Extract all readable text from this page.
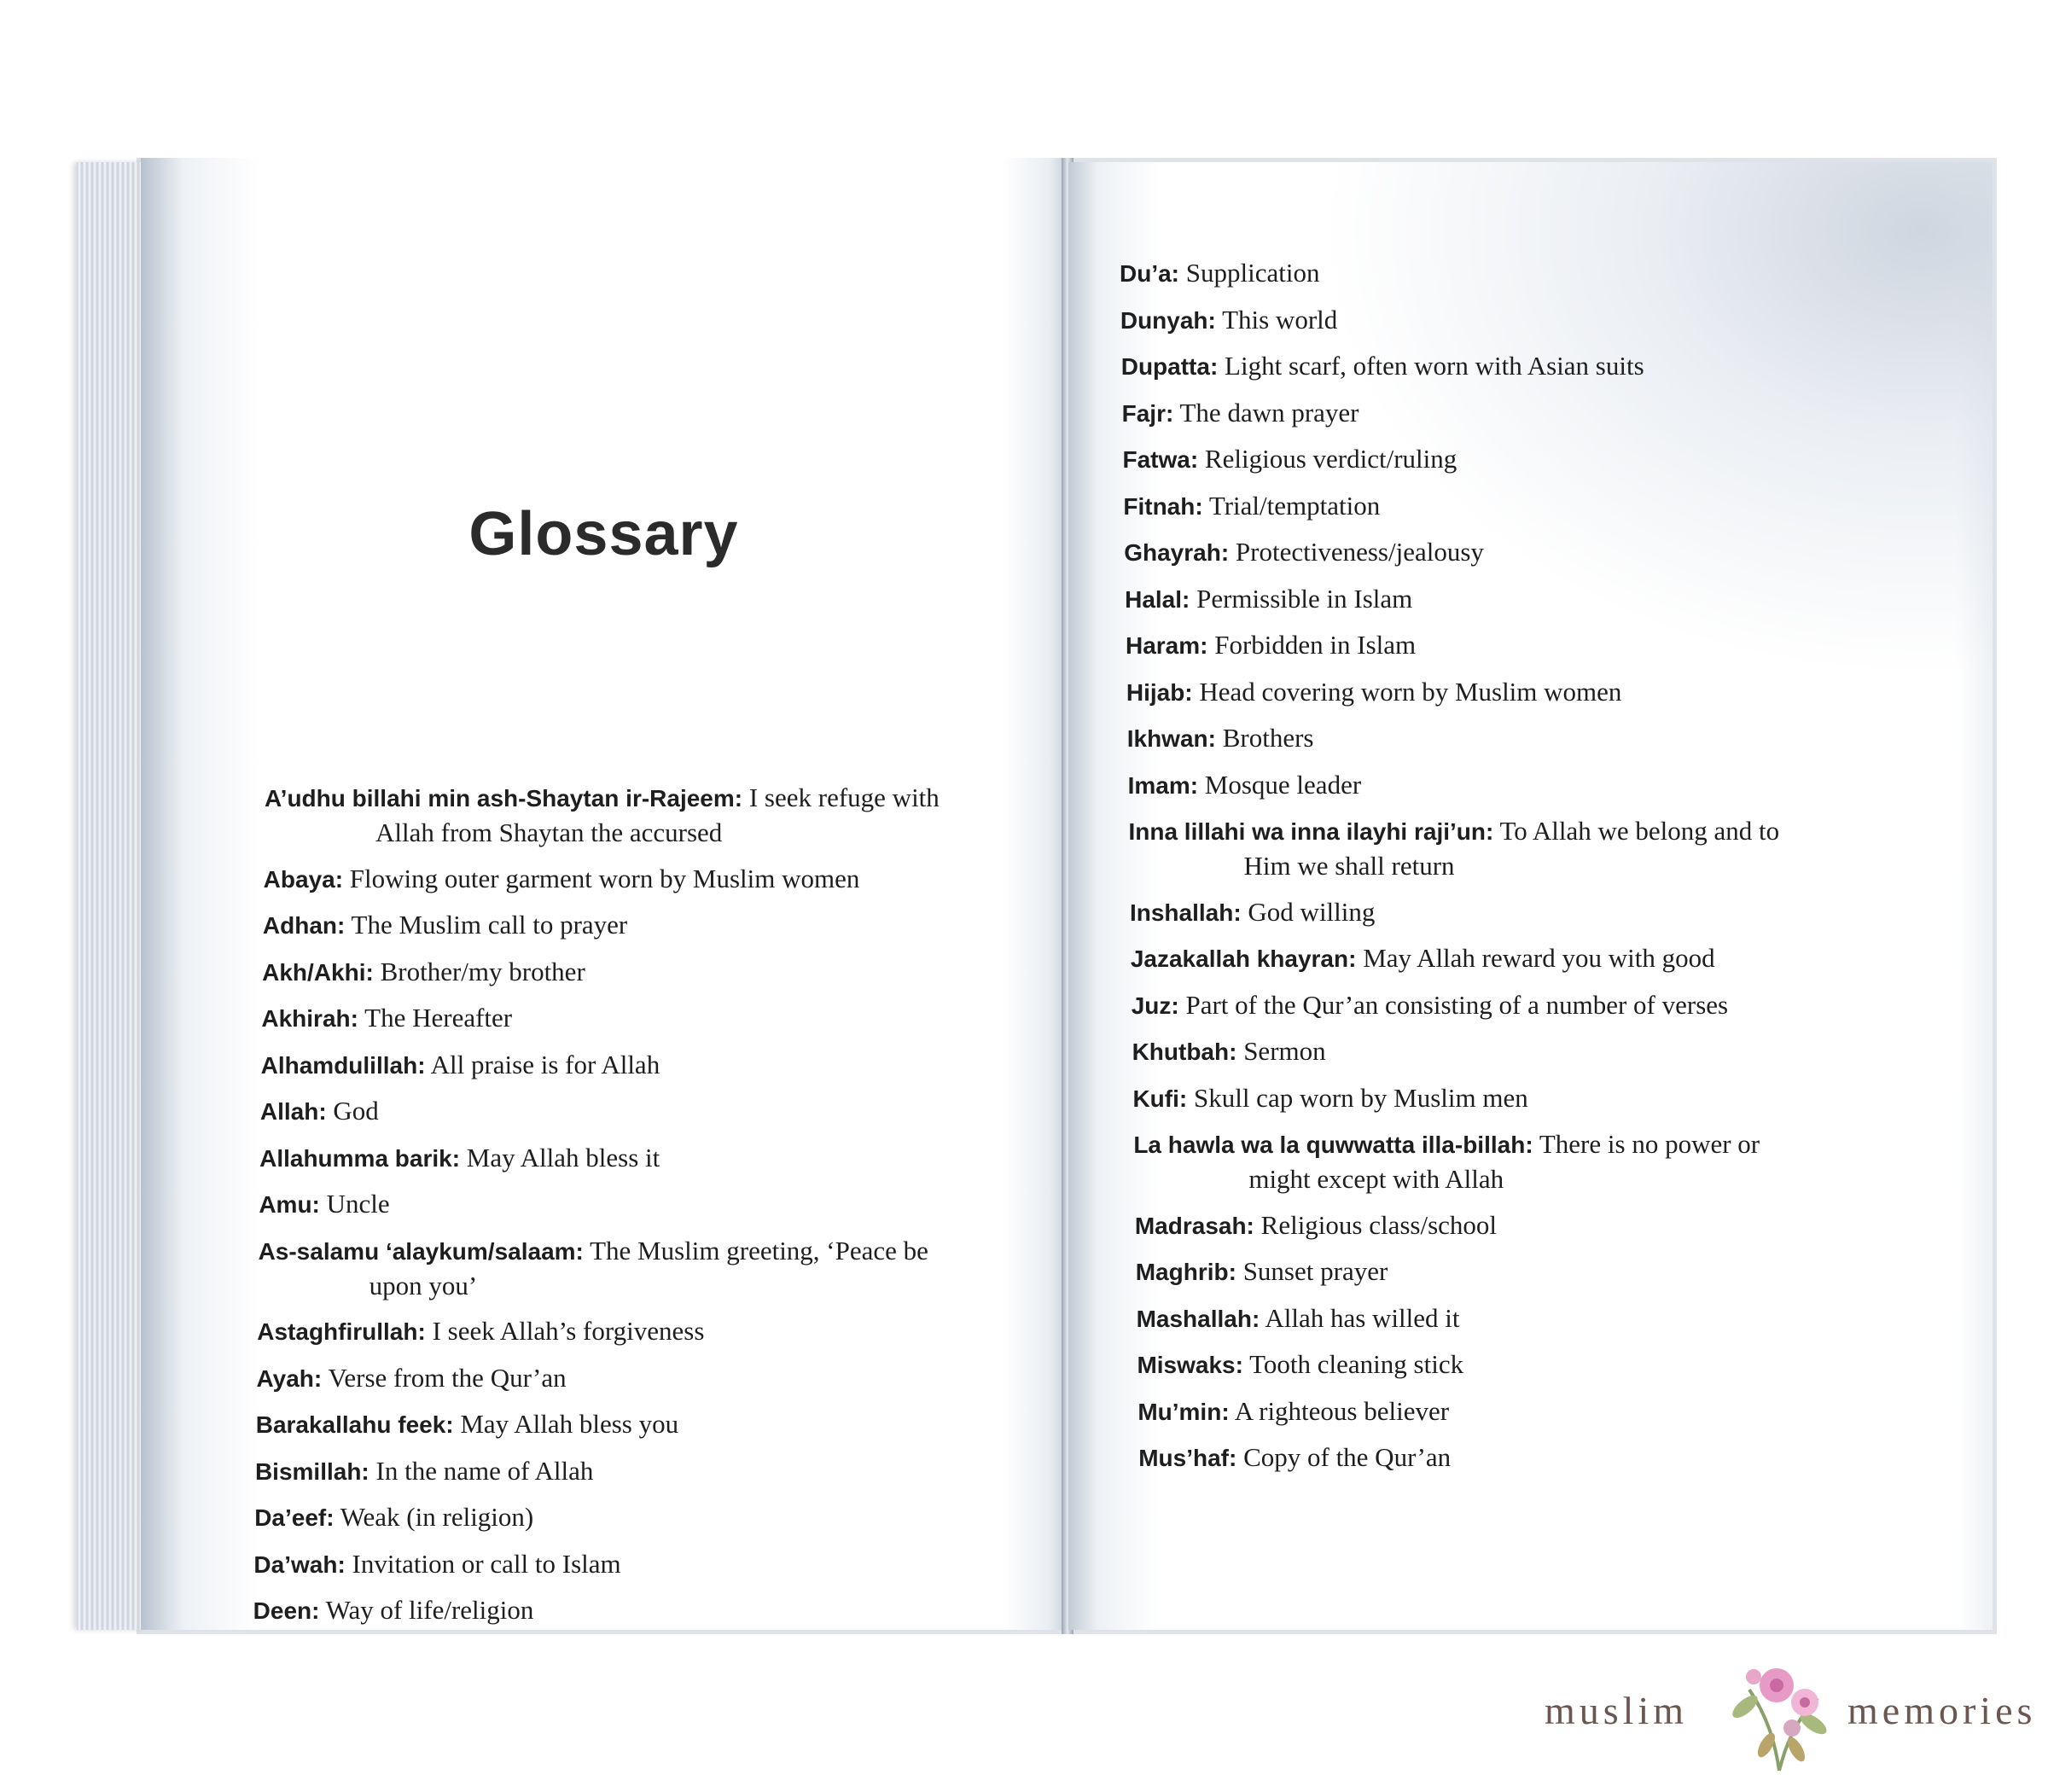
Glossary
A’udhu billahi min ash-Shaytan ir-Rajeem: I seek refuge with
Allah from Shaytan the accursed
Abaya: Flowing outer garment worn by Muslim women
Adhan: The Muslim call to prayer
Akh/Akhi: Brother/my brother
Akhirah: The Hereafter
Alhamdulillah: All praise is for Allah
Allah: God
Allahumma barik: May Allah bless it
Amu: Uncle
As-salamu ‘alaykum/salaam: The Muslim greeting, ‘Peace be
upon you’
Astaghfirullah: I seek Allah’s forgiveness
Ayah: Verse from the Qur’an
Barakallahu feek: May Allah bless you
Bismillah: In the name of Allah
Da’eef: Weak (in religion)
Da’wah: Invitation or call to Islam
Deen: Way of life/religion
Du’a: Supplication
Dunyah: This world
Dupatta: Light scarf, often worn with Asian suits
Fajr: The dawn prayer
Fatwa: Religious verdict/ruling
Fitnah: Trial/temptation
Ghayrah: Protectiveness/jealousy
Halal: Permissible in Islam
Haram: Forbidden in Islam
Hijab: Head covering worn by Muslim women
Ikhwan: Brothers
Imam: Mosque leader
Inna lillahi wa inna ilayhi raji’un: To Allah we belong and to
Him we shall return
Inshallah: God willing
Jazakallah khayran: May Allah reward you with good
Juz: Part of the Qur’an consisting of a number of verses
Khutbah: Sermon
Kufi: Skull cap worn by Muslim men
La hawla wa la quwwatta illa-billah: There is no power or
might except with Allah
Madrasah: Religious class/school
Maghrib: Sunset prayer
Mashallah: Allah has willed it
Miswaks: Tooth cleaning stick
Mu’min: A righteous believer
Mus’haf: Copy of the Qur’an
muslim	memories
